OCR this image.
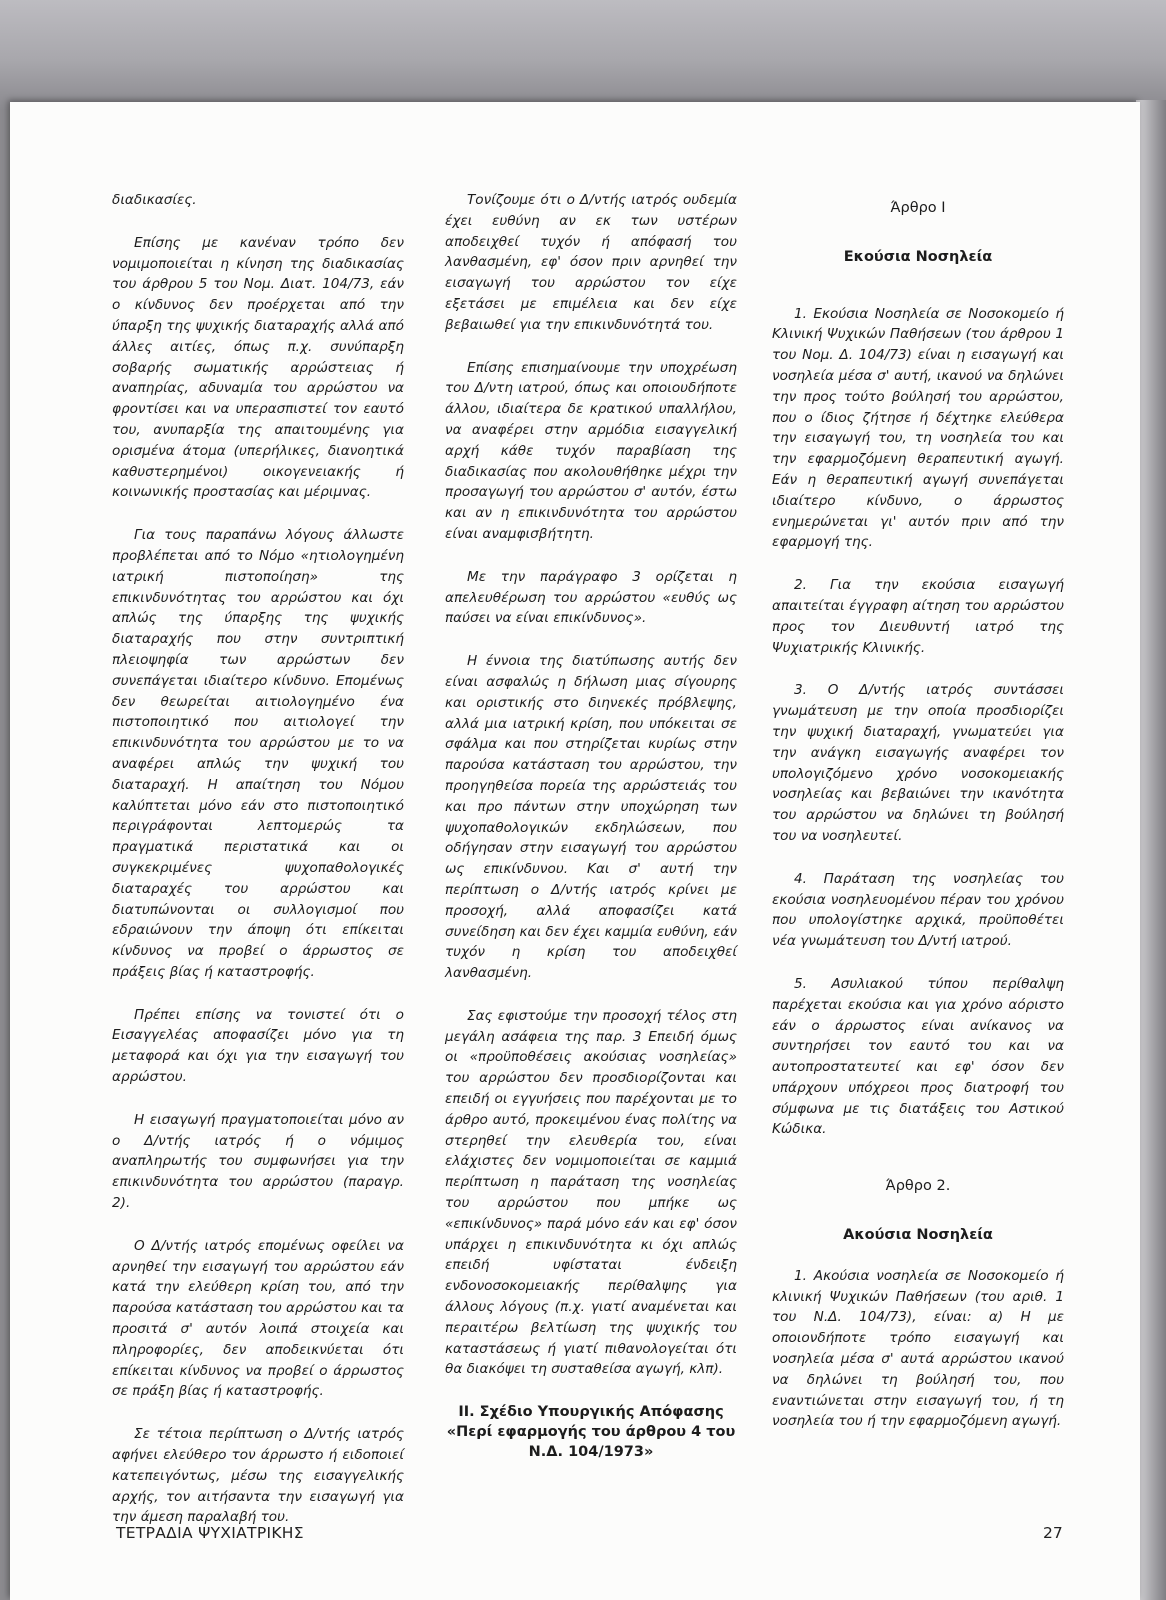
διαδικασίες.

Επίσης με κανέναν τρόπο δεν νομιμοποιείται η κίνηση της διαδικασίας του άρθρου 5 του Νομ. Διατ. 104/73, εάν ο κίνδυνος δεν προέρχεται από την ύπαρξη της ψυχικής διαταραχής αλλά από άλλες αιτίες, όπως π.χ. συνύπαρξη σοβαρής σωματικής αρρώστειας ή αναπηρίας, αδυναμία του αρρώστου να φροντίσει και να υπερασπιστεί τον εαυτό του, ανυπαρξία της απαιτουμένης για ορισμένα άτομα (υπερήλικες, διανοητικά καθυστερημένοι) οικογενειακής ή κοινωνικής προστασίας και μέριμνας.

Για τους παραπάνω λόγους άλλωστε προβλέπεται από το Νόμο «ητιολογημένη ιατρική πιστοποίηση» της επικινδυνότητας του αρρώστου και όχι απλώς της ύπαρξης της ψυχικής διαταραχής που στην συντριπτική πλειοψηφία των αρρώστων δεν συνεπάγεται ιδιαίτερο κίνδυνο. Επομένως δεν θεωρείται αιτιολογημένο ένα πιστοποιητικό που αιτιολογεί την επικινδυνότητα του αρρώστου με το να αναφέρει απλώς την ψυχική του διαταραχή. Η απαίτηση του Νόμου καλύπτεται μόνο εάν στο πιστοποιητικό περιγράφονται λεπτομερώς τα πραγματικά περιστατικά και οι συγκεκριμένες ψυχοπαθολογικές διαταραχές του αρρώστου και διατυπώνονται οι συλλογισμοί που εδραιώνουν την άποψη ότι επίκειται κίνδυνος να προβεί ο άρρωστος σε πράξεις βίας ή καταστροφής.

Πρέπει επίσης να τονιστεί ότι ο Εισαγγελέας αποφασίζει μόνο για τη μεταφορά και όχι για την εισαγωγή του αρρώστου.

Η εισαγωγή πραγματοποιείται μόνο αν ο Δ/ντής ιατρός ή ο νόμιμος αναπληρωτής του συμφωνήσει για την επικινδυνότητα του αρρώστου (παραγρ. 2).

Ο Δ/ντής ιατρός επομένως οφείλει να αρνηθεί την εισαγωγή του αρρώστου εάν κατά την ελεύθερη κρίση του, από την παρούσα κατάσταση του αρρώστου και τα προσιτά σ' αυτόν λοιπά στοιχεία και πληροφορίες, δεν αποδεικνύεται ότι επίκειται κίνδυνος να προβεί ο άρρωστος σε πράξη βίας ή καταστροφής.

Σε τέτοια περίπτωση ο Δ/ντής ιατρός αφήνει ελεύθερο τον άρρωστο ή ειδοποιεί κατεπειγόντως, μέσω της εισαγγελικής αρχής, τον αιτήσαντα την εισαγωγή για την άμεση παραλαβή του.

Τονίζουμε ότι ο Δ/ντής ιατρός ουδεμία έχει ευθύνη αν εκ των υστέρων αποδειχθεί τυχόν ή απόφασή του λανθασμένη, εφ' όσον πριν αρνηθεί την εισαγωγή του αρρώστου τον είχε εξετάσει με επιμέλεια και δεν είχε βεβαιωθεί για την επικινδυνότητά του.

Επίσης επισημαίνουμε την υποχρέωση του Δ/ντη ιατρού, όπως και οποιουδήποτε άλλου, ιδιαίτερα δε κρατικού υπαλλήλου, να αναφέρει στην αρμόδια εισαγγελική αρχή κάθε τυχόν παραβίαση της διαδικασίας που ακολουθήθηκε μέχρι την προσαγωγή του αρρώστου σ' αυτόν, έστω και αν η επικινδυνότητα του αρρώστου είναι αναμφισβήτητη.

Με την παράγραφο 3 ορίζεται η απελευθέρωση του αρρώστου «ευθύς ως παύσει να είναι επικίνδυνος».

Η έννοια της διατύπωσης αυτής δεν είναι ασφαλώς η δήλωση μιας σίγουρης και οριστικής στο διηνεκές πρόβλεψης, αλλά μια ιατρική κρίση, που υπόκειται σε σφάλμα και που στηρίζεται κυρίως στην παρούσα κατάσταση του αρρώστου, την προηγηθείσα πορεία της αρρώστειάς του και προ πάντων στην υποχώρηση των ψυχοπαθολογικών εκδηλώσεων, που οδήγησαν στην εισαγωγή του αρρώστου ως επικίνδυνου. Και σ' αυτή την περίπτωση ο Δ/ντής ιατρός κρίνει με προσοχή, αλλά αποφασίζει κατά συνείδηση και δεν έχει καμμία ευθύνη, εάν τυχόν η κρίση του αποδειχθεί λανθασμένη.

Σας εφιστούμε την προσοχή τέλος στη μεγάλη ασάφεια της παρ. 3 Επειδή όμως οι «προϋποθέσεις ακούσιας νοσηλείας» του αρρώστου δεν προσδιορίζονται και επειδή οι εγγυήσεις που παρέχονται με το άρθρο αυτό, προκειμένου ένας πολίτης να στερηθεί την ελευθερία του, είναι ελάχιστες δεν νομιμοποιείται σε καμμιά περίπτωση η παράταση της νοσηλείας του αρρώστου που μπήκε ως «επικίνδυνος» παρά μόνο εάν και εφ' όσον υπάρχει η επικινδυνότητα κι όχι απλώς επειδή υφίσταται ένδειξη ενδονοσοκομειακής περίθαλψης για άλλους λόγους (π.χ. γιατί αναμένεται και περαιτέρω βελτίωση της ψυχικής του καταστάσεως ή γιατί πιθανολογείται ότι θα διακόψει τη συσταθείσα αγωγή, κλπ).

ΙΙ. Σχέδιο Υπουργικής Απόφασης «Περί εφαρμογής του άρθρου 4 του Ν.Δ. 104/1973»
Άρθρο Ι
Εκούσια Νοσηλεία

1. Εκούσια Νοσηλεία σε Νοσοκομείο ή Κλινική Ψυχικών Παθήσεων (του άρθρου 1 του Νομ. Δ. 104/73) είναι η εισαγωγή και νοσηλεία μέσα σ' αυτή, ικανού να δηλώνει την προς τούτο βούλησή του αρρώστου, που ο ίδιος ζήτησε ή δέχτηκε ελεύθερα την εισαγωγή του, τη νοσηλεία του και την εφαρμοζόμενη θεραπευτική αγωγή. Εάν η θεραπευτική αγωγή συνεπάγεται ιδιαίτερο κίνδυνο, ο άρρωστος ενημερώνεται γι' αυτόν πριν από την εφαρμογή της.

2. Για την εκούσια εισαγωγή απαιτείται έγγραφη αίτηση του αρρώστου προς τον Διευθυντή ιατρό της Ψυχιατρικής Κλινικής.

3. Ο Δ/ντής ιατρός συντάσσει γνωμάτευση με την οποία προσδιορίζει την ψυχική διαταραχή, γνωματεύει για την ανάγκη εισαγωγής αναφέρει τον υπολογιζόμενο χρόνο νοσοκομειακής νοσηλείας και βεβαιώνει την ικανότητα του αρρώστου να δηλώνει τη βούλησή του να νοσηλευτεί.

4. Παράταση της νοσηλείας του εκούσια νοσηλευομένου πέραν του χρόνου που υπολογίστηκε αρχικά, προϋποθέτει νέα γνωμάτευση του Δ/ντή ιατρού.

5. Ασυλιακού τύπου περίθαλψη παρέχεται εκούσια και για χρόνο αόριστο εάν ο άρρωστος είναι ανίκανος να συντηρήσει τον εαυτό του και να αυτοπροστατευτεί και εφ' όσον δεν υπάρχουν υπόχρεοι προς διατροφή του σύμφωνα με τις διατάξεις του Αστικού Κώδικα.

Άρθρο 2.
Ακούσια Νοσηλεία

1. Ακούσια νοσηλεία σε Νοσοκομείο ή κλινική Ψυχικών Παθήσεων (του αριθ. 1 του Ν.Δ. 104/73), είναι: α) Η με οποιονδήποτε τρόπο εισαγωγή και νοσηλεία μέσα σ' αυτά αρρώστου ικανού να δηλώνει τη βούλησή του, που εναντιώνεται στην εισαγωγή του, ή τη νοσηλεία του ή την εφαρμοζόμενη αγωγή.

ΤΕΤΡΑΔΙΑ ΨΥΧΙΑΤΡΙΚΗΣ	27
